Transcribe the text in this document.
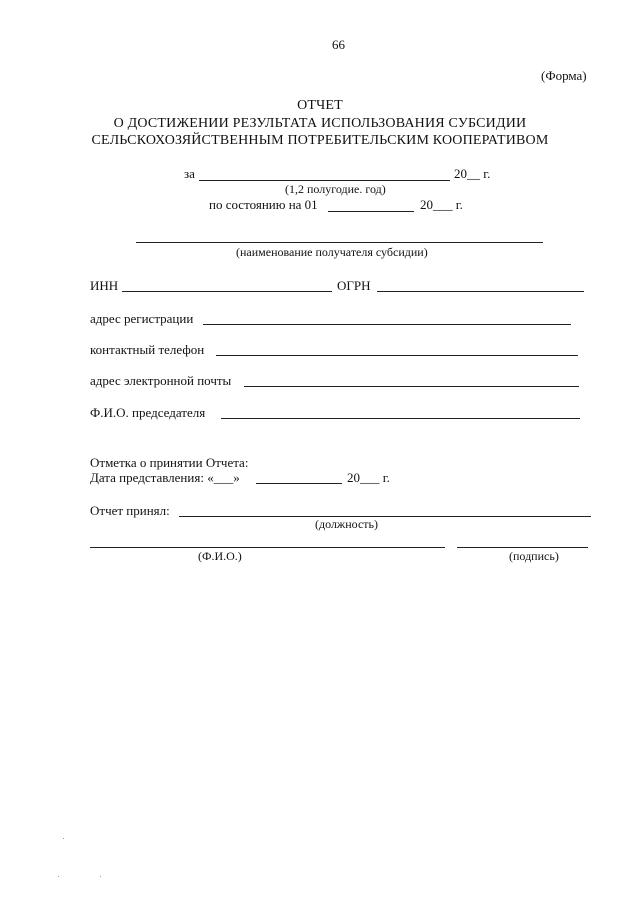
66
(Форма)
ОТЧЕТ
О ДОСТИЖЕНИИ РЕЗУЛЬТАТА ИСПОЛЬЗОВАНИЯ СУБСИДИИ
СЕЛЬСКОХОЗЯЙСТВЕННЫМ ПОТРЕБИТЕЛЬСКИМ КООПЕРАТИВОМ
за	20__ г.
(1,2 полугодие. год)
по состоянию на 01	20___ г.
(наименование получателя субсидии)
ИНН	ОГРН
адрес регистрации
контактный телефон
адрес электронной почты
Ф.И.О. председателя
Отметка о принятии Отчета:
Дата представления: «___»	20___ г.
Отчет принял:
(должность)
(Ф.И.О.)	(подпись)
